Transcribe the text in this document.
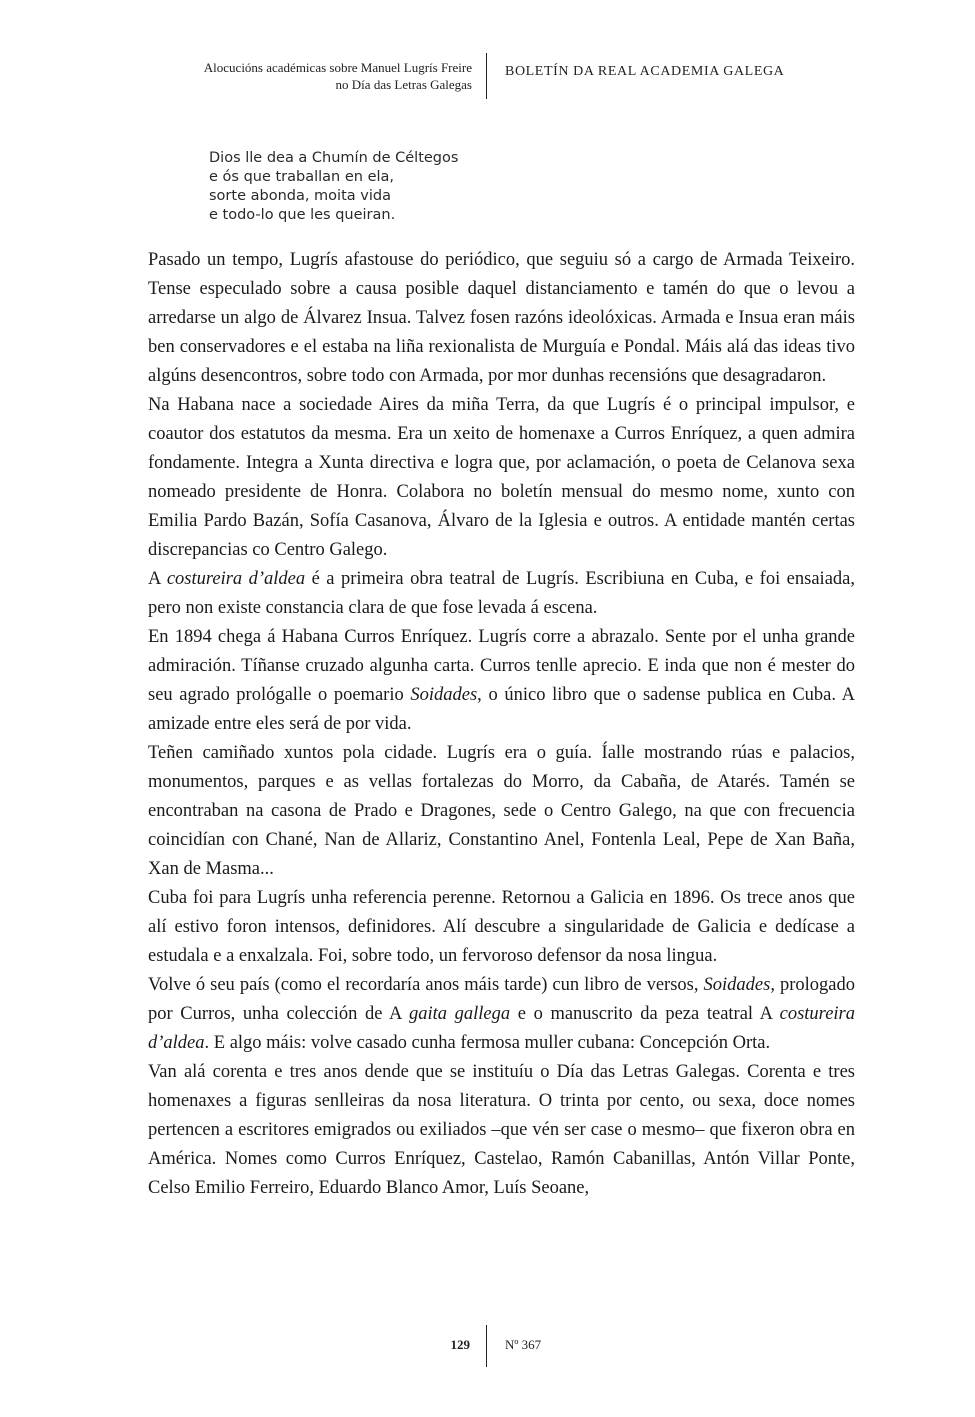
Alocucións académicas sobre Manuel Lugrís Freire
no Día das Letras Galegas
BOLETÍN DA REAL ACADEMIA GALEGA
Dios lle dea a Chumín de Céltegos
e ós que traballan en ela,
sorte abonda, moita vida
e todo-lo que les queiran.

Pasado un tempo, Lugrís afastouse do periódico, que seguiu só a cargo de Armada Teixeiro. Tense especulado sobre a causa posible daquel distanciamento e tamén do que o levou a arredarse un algo de Álvarez Insua. Talvez fosen razóns ideolóxicas. Armada e Insua eran máis ben conservadores e el estaba na liña rexionalista de Murguía e Pondal. Máis alá das ideas tivo algúns desencontros, sobre todo con Armada, por mor dunhas recensións que desagradaron.

Na Habana nace a sociedade Aires da miña Terra, da que Lugrís é o principal impulsor, e coautor dos estatutos da mesma. Era un xeito de homenaxe a Curros Enríquez, a quen admira fondamente. Integra a Xunta directiva e logra que, por aclamación, o poeta de Celanova sexa nomeado presidente de Honra. Colabora no boletín mensual do mesmo nome, xunto con Emilia Pardo Bazán, Sofía Casanova, Álvaro de la Iglesia e outros. A entidade mantén certas discrepancias co Centro Galego.

A costureira d’aldea é a primeira obra teatral de Lugrís. Escribiuna en Cuba, e foi ensaiada, pero non existe constancia clara de que fose levada á escena.

En 1894 chega á Habana Curros Enríquez. Lugrís corre a abrazalo. Sente por el unha grande admiración. Tíñanse cruzado algunha carta. Curros tenlle aprecio. E inda que non é mester do seu agrado prológalle o poemario Soidades, o único libro que o sadense publica en Cuba. A amizade entre eles será de por vida.

Teñen camiñado xuntos pola cidade. Lugrís era o guía. Íalle mostrando rúas e palacios, monumentos, parques e as vellas fortalezas do Morro, da Cabaña, de Atarés. Tamén se encontraban na casona de Prado e Dragones, sede o Centro Galego, na que con frecuencia coincidían con Chané, Nan de Allariz, Constantino Anel, Fontenla Leal, Pepe de Xan Baña, Xan de Masma...

Cuba foi para Lugrís unha referencia perenne. Retornou a Galicia en 1896. Os trece anos que alí estivo foron intensos, definidores. Alí descubre a singularidade de Galicia e dedícase a estudala e a enxalzala. Foi, sobre todo, un fervoroso defensor da nosa lingua.

Volve ó seu país (como el recordaría anos máis tarde) cun libro de versos, Soidades, prologado por Curros, unha colección de A gaita gallega e o manuscrito da peza teatral A costureira d’aldea. E algo máis: volve casado cunha fermosa muller cubana: Concepción Orta.

Van alá corenta e tres anos dende que se instituíu o Día das Letras Galegas. Corenta e tres homenaxes a figuras senlleiras da nosa literatura. O trinta por cento, ou sexa, doce nomes pertencen a escritores emigrados ou exiliados –que vén ser case o mesmo– que fixeron obra en América. Nomes como Curros Enríquez, Castelao, Ramón Cabanillas, Antón Villar Ponte, Celso Emilio Ferreiro, Eduardo Blanco Amor, Luís Seoane,

129	Nº 367
